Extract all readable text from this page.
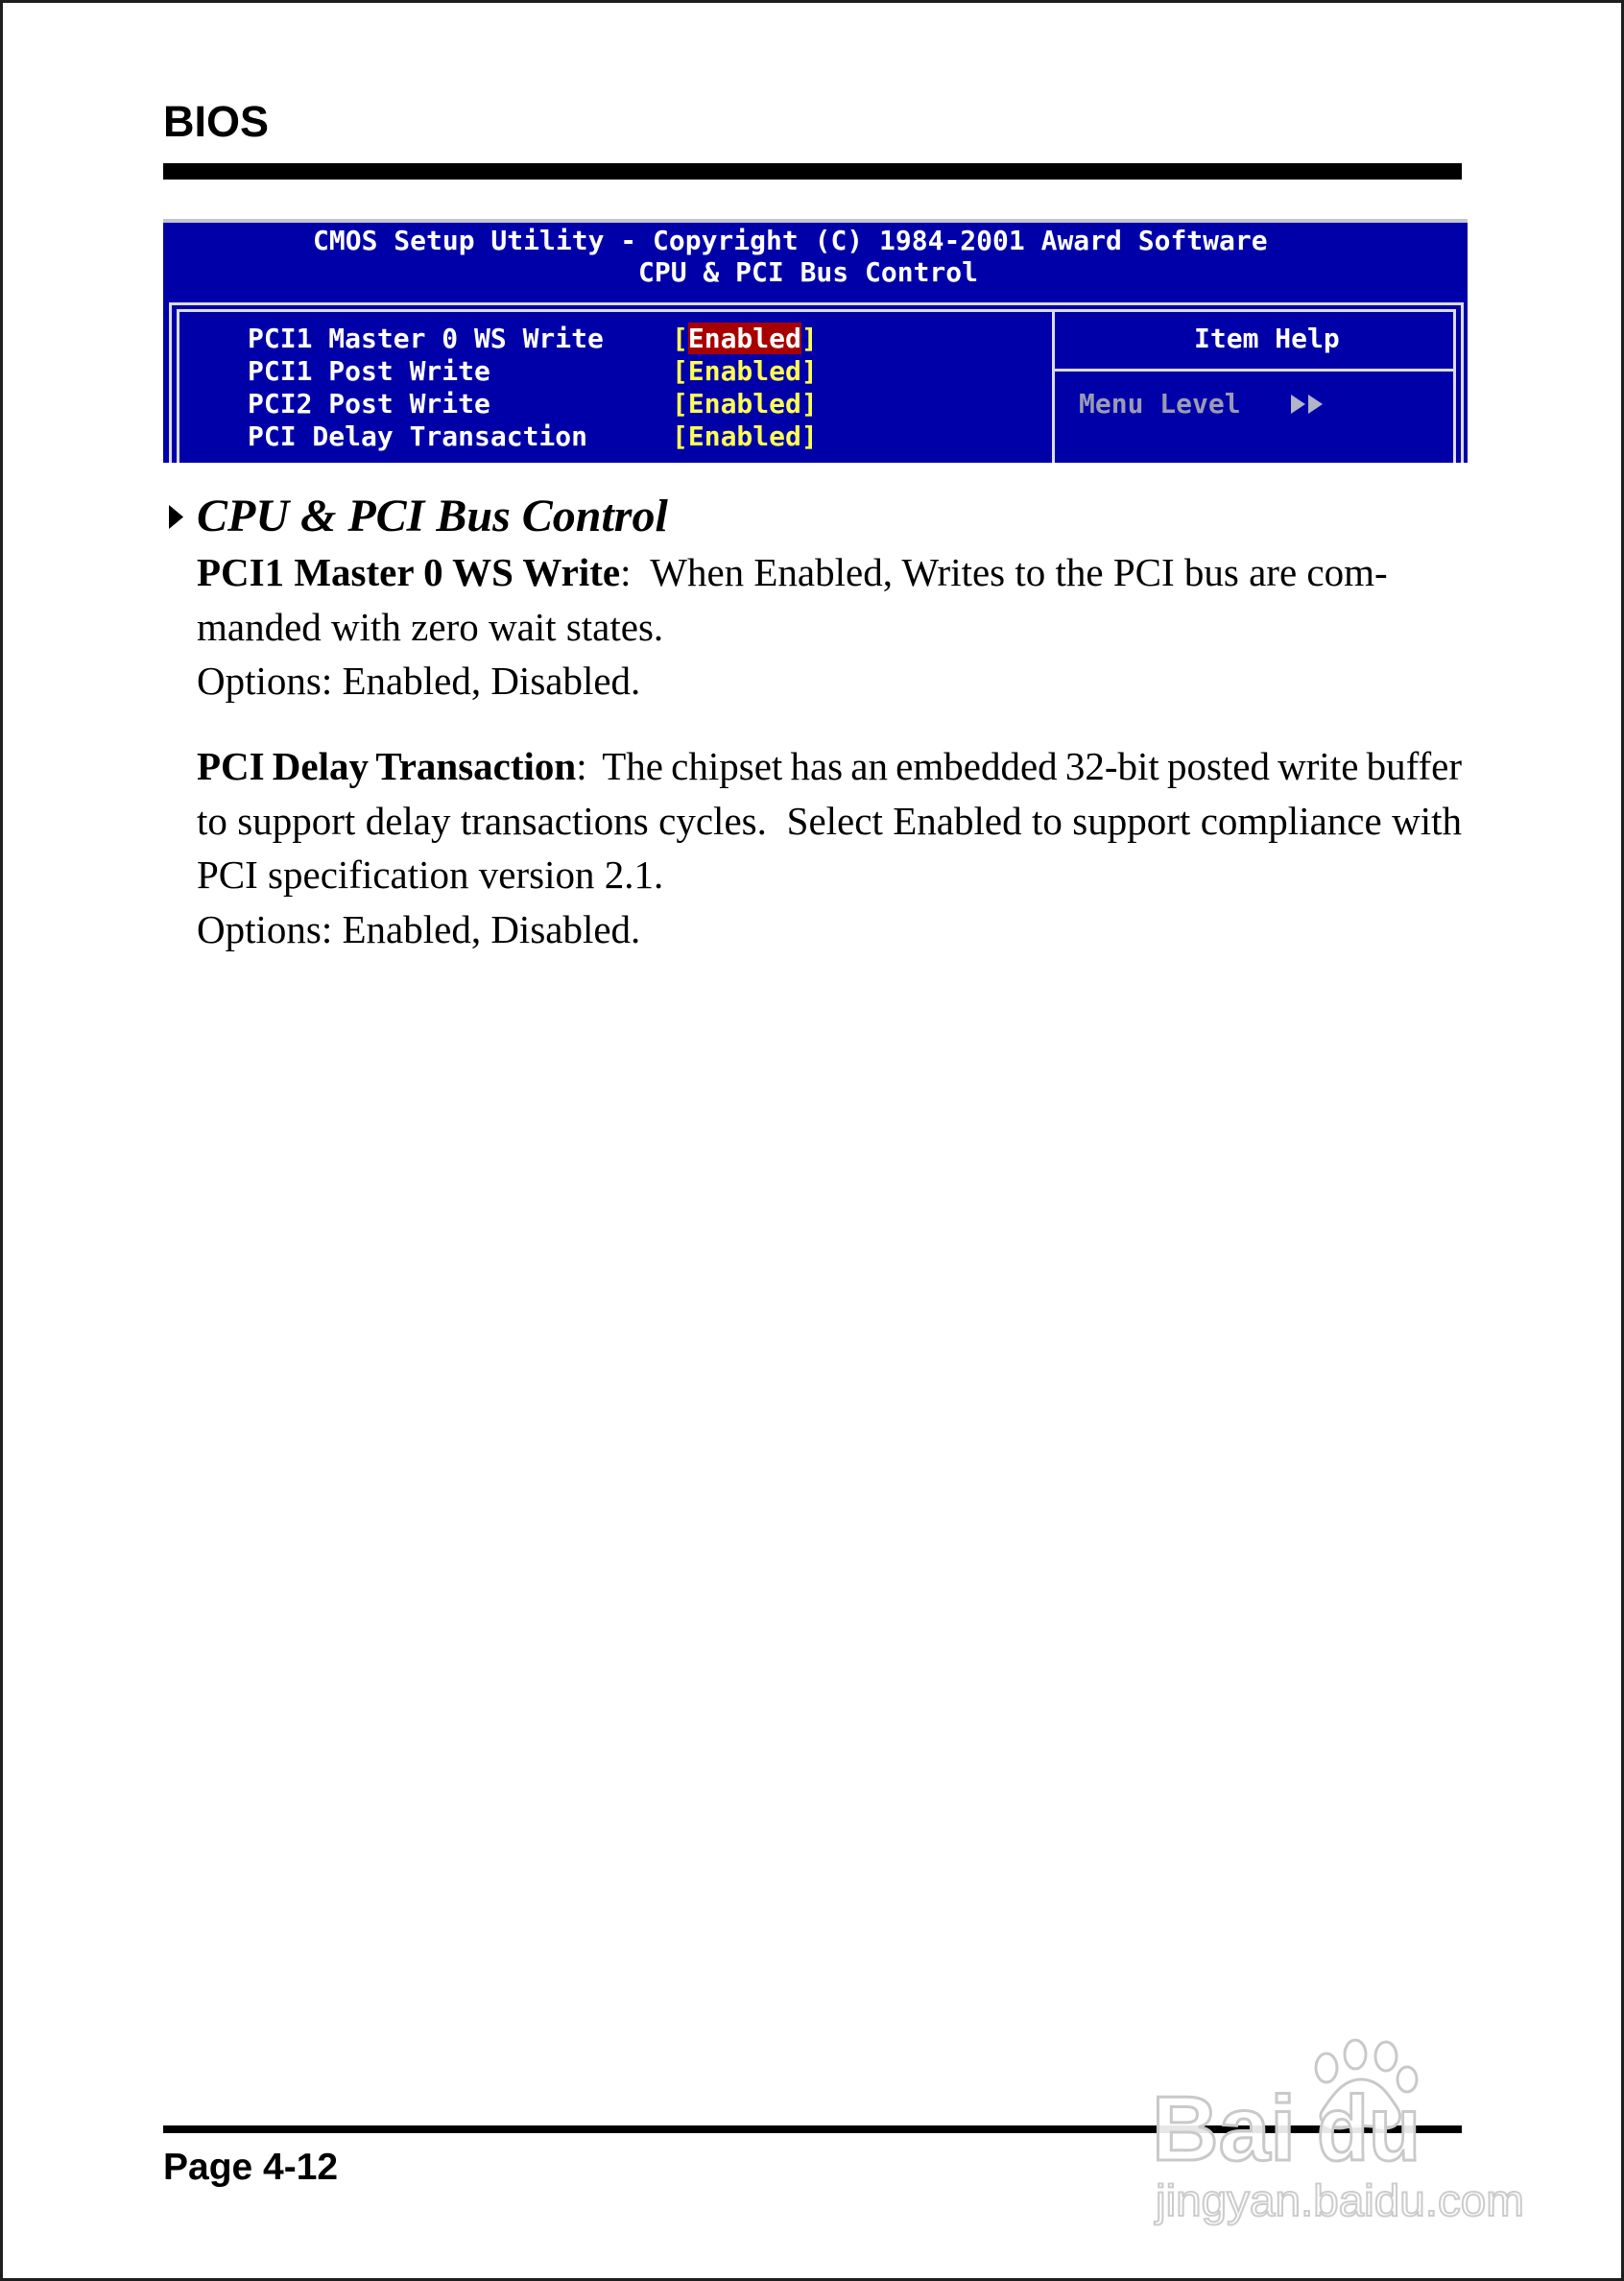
BIOS
CMOS Setup Utility - Copyright (C) 1984-2001 Award Software
CPU & PCI Bus Control
PCI1 Master 0 WS Write	[Enabled]
PCI1 Post Write	[Enabled]
PCI2 Post Write	[Enabled]
PCI Delay Transaction	[Enabled]
Item Help
Menu Level
CPU & PCI Bus Control
PCI1 Master 0 WS Write:  When Enabled, Writes to the PCI bus are com-
manded with zero wait states.
Options: Enabled, Disabled.
PCI Delay Transaction:  The chipset has an embedded 32-bit posted write buffer
to support delay transactions cycles.  Select Enabled to support compliance with
PCI specification version 2.1.
Options: Enabled, Disabled.
Page 4-12	Bai du
jingyan.baidu.com
